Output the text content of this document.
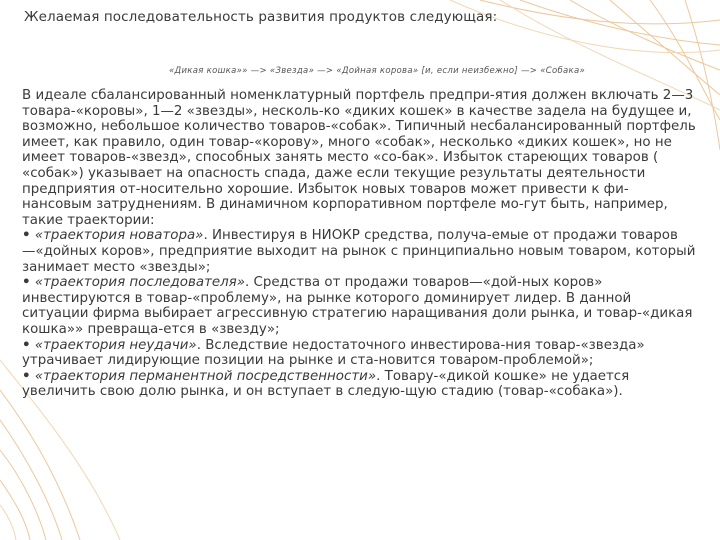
Желаемая последовательность развития продуктов следующая:

«Дикая кошка»» —> «Звезда» —> «Дойная корова» [и, если неизбежно] —> «Собака»

В идеале сбалансированный номенклатурный портфель предпри-ятия должен включать 2—3 товара-«коровы», 1—2 «звезды», несколь-ко «диких кошек» в качестве задела на будущее и, возможно, небольшое количество товаров-«собак». Типичный несбалансированный портфель имеет, как правило, один товар-«корову», много «собак», несколько «диких кошек», но не имеет товаров-«звезд», способных занять место «со-бак». Избыток стареющих товаров ( «собак») указывает на опасность спада, даже если текущие результаты деятельности предприятия от-носительно хорошие. Избыток новых товаров может привести к фи-нансовым затруднениям. В динамичном корпоративном портфеле мо-гут быть, например, такие траектории:

• «траектория новатора». Инвестируя в НИОКР средства, получа-емые от продажи товаров—«дойных коров», предприятие выходит на рынок с принципиально новым товаром, который занимает место «звезды»;
• «траектория последователя». Средства от продажи товаров—«дой-ных коров» инвестируются в товар-«проблему», на рынке которого доминирует лидер. В данной ситуации фирма выбирает агрессивную стратегию наращивания доли рынка, и товар-«дикая кошка»» превраща-ется в «звезду»;
• «траектория неудачи». Вследствие недостаточного инвестирова-ния товар-«звезда» утрачивает лидирующие позиции на рынке и ста-новится товаром-проблемой»;
• «траектория перманентной посредственности». Товару-«дикой кошке» не удается увеличить свою долю рынка, и он вступает в следую-щую стадию (товар-«собака»).
